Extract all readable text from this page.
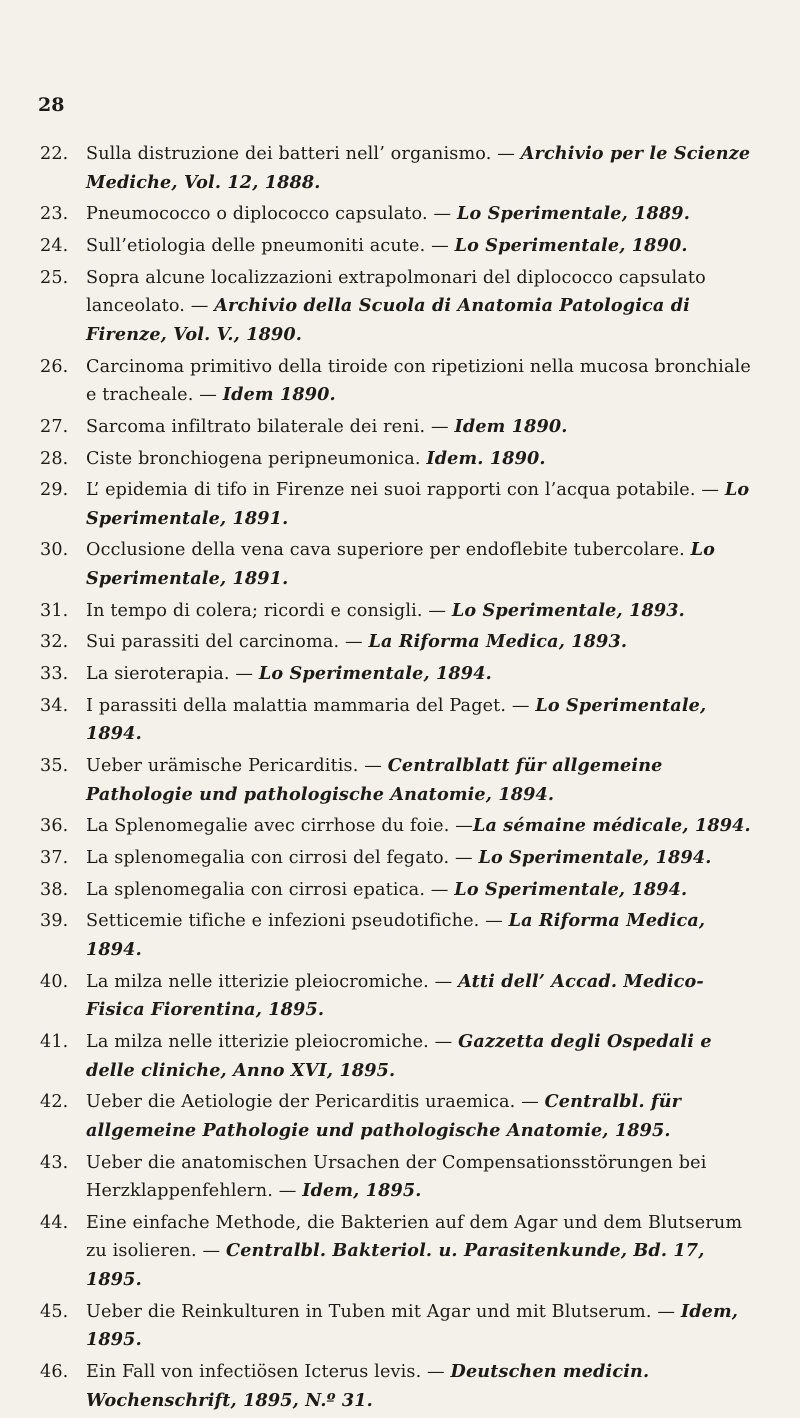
28
22. Sulla distruzione dei batteri nell’ organismo. — Archivio per le Scienze Mediche, Vol. 12, 1888.
23. Pneumococco o diplococco capsulato. — Lo Sperimentale, 1889.
24. Sull’etiologia delle pneumoniti acute. — Lo Sperimentale, 1890.
25. Sopra alcune localizzazioni extrapolmonari del diplococco capsulato lanceolato. — Archivio della Scuola di Anatomia Patologica di Firenze, Vol. V., 1890.
26. Carcinoma primitivo della tiroide con ripetizioni nella mucosa bronchiale e tracheale. — Idem 1890.
27. Sarcoma infiltrato bilaterale dei reni. — Idem 1890.
28. Ciste bronchiogena peripneumonica. Idem. 1890.
29. L’ epidemia di tifo in Firenze nei suoi rapporti con l’acqua potabile. — Lo Sperimentale, 1891.
30. Occlusione della vena cava superiore per endoflebite tubercolare. Lo Sperimentale, 1891.
31. In tempo di colera; ricordi e consigli. — Lo Sperimentale, 1893.
32. Sui parassiti del carcinoma. — La Riforma Medica, 1893.
33. La sieroterapia. — Lo Sperimentale, 1894.
34. I parassiti della malattia mammaria del Paget. — Lo Sperimentale, 1894.
35. Ueber urämische Pericarditis. — Centralblatt für allgemeine Pathologie und pathologische Anatomie, 1894.
36. La Splenomegalie avec cirrhose du foie. —La sémaine médicale, 1894.
37. La splenomegalia con cirrosi del fegato. — Lo Sperimentale, 1894.
38. La splenomegalia con cirrosi epatica. — Lo Sperimentale, 1894.
39. Setticemie tifiche e infezioni pseudotifiche. — La Riforma Medica, 1894.
40. La milza nelle itterizie pleiocromiche. — Atti dell’ Accad. Medico-Fisica Fiorentina, 1895.
41. La milza nelle itterizie pleiocromiche. — Gazzetta degli Ospedali e delle cliniche, Anno XVI, 1895.
42. Ueber die Aetiologie der Pericarditis uraemica. — Centralbl. für allgemeine Pathologie und pathologische Anatomie, 1895.
43. Ueber die anatomischen Ursachen der Compensationsstörungen bei Herzklappenfehlern. — Idem, 1895.
44. Eine einfache Methode, die Bakterien auf dem Agar und dem Blutserum zu isolieren. — Centralbl. Bakteriol. u. Parasitenkunde, Bd. 17, 1895.
45. Ueber die Reinkulturen in Tuben mit Agar und mit Blutserum. — Idem, 1895.
46. Ein Fall von infectiösen Icterus levis. — Deutschen medicin. Wochenschrift, 1895, N.º 31.
